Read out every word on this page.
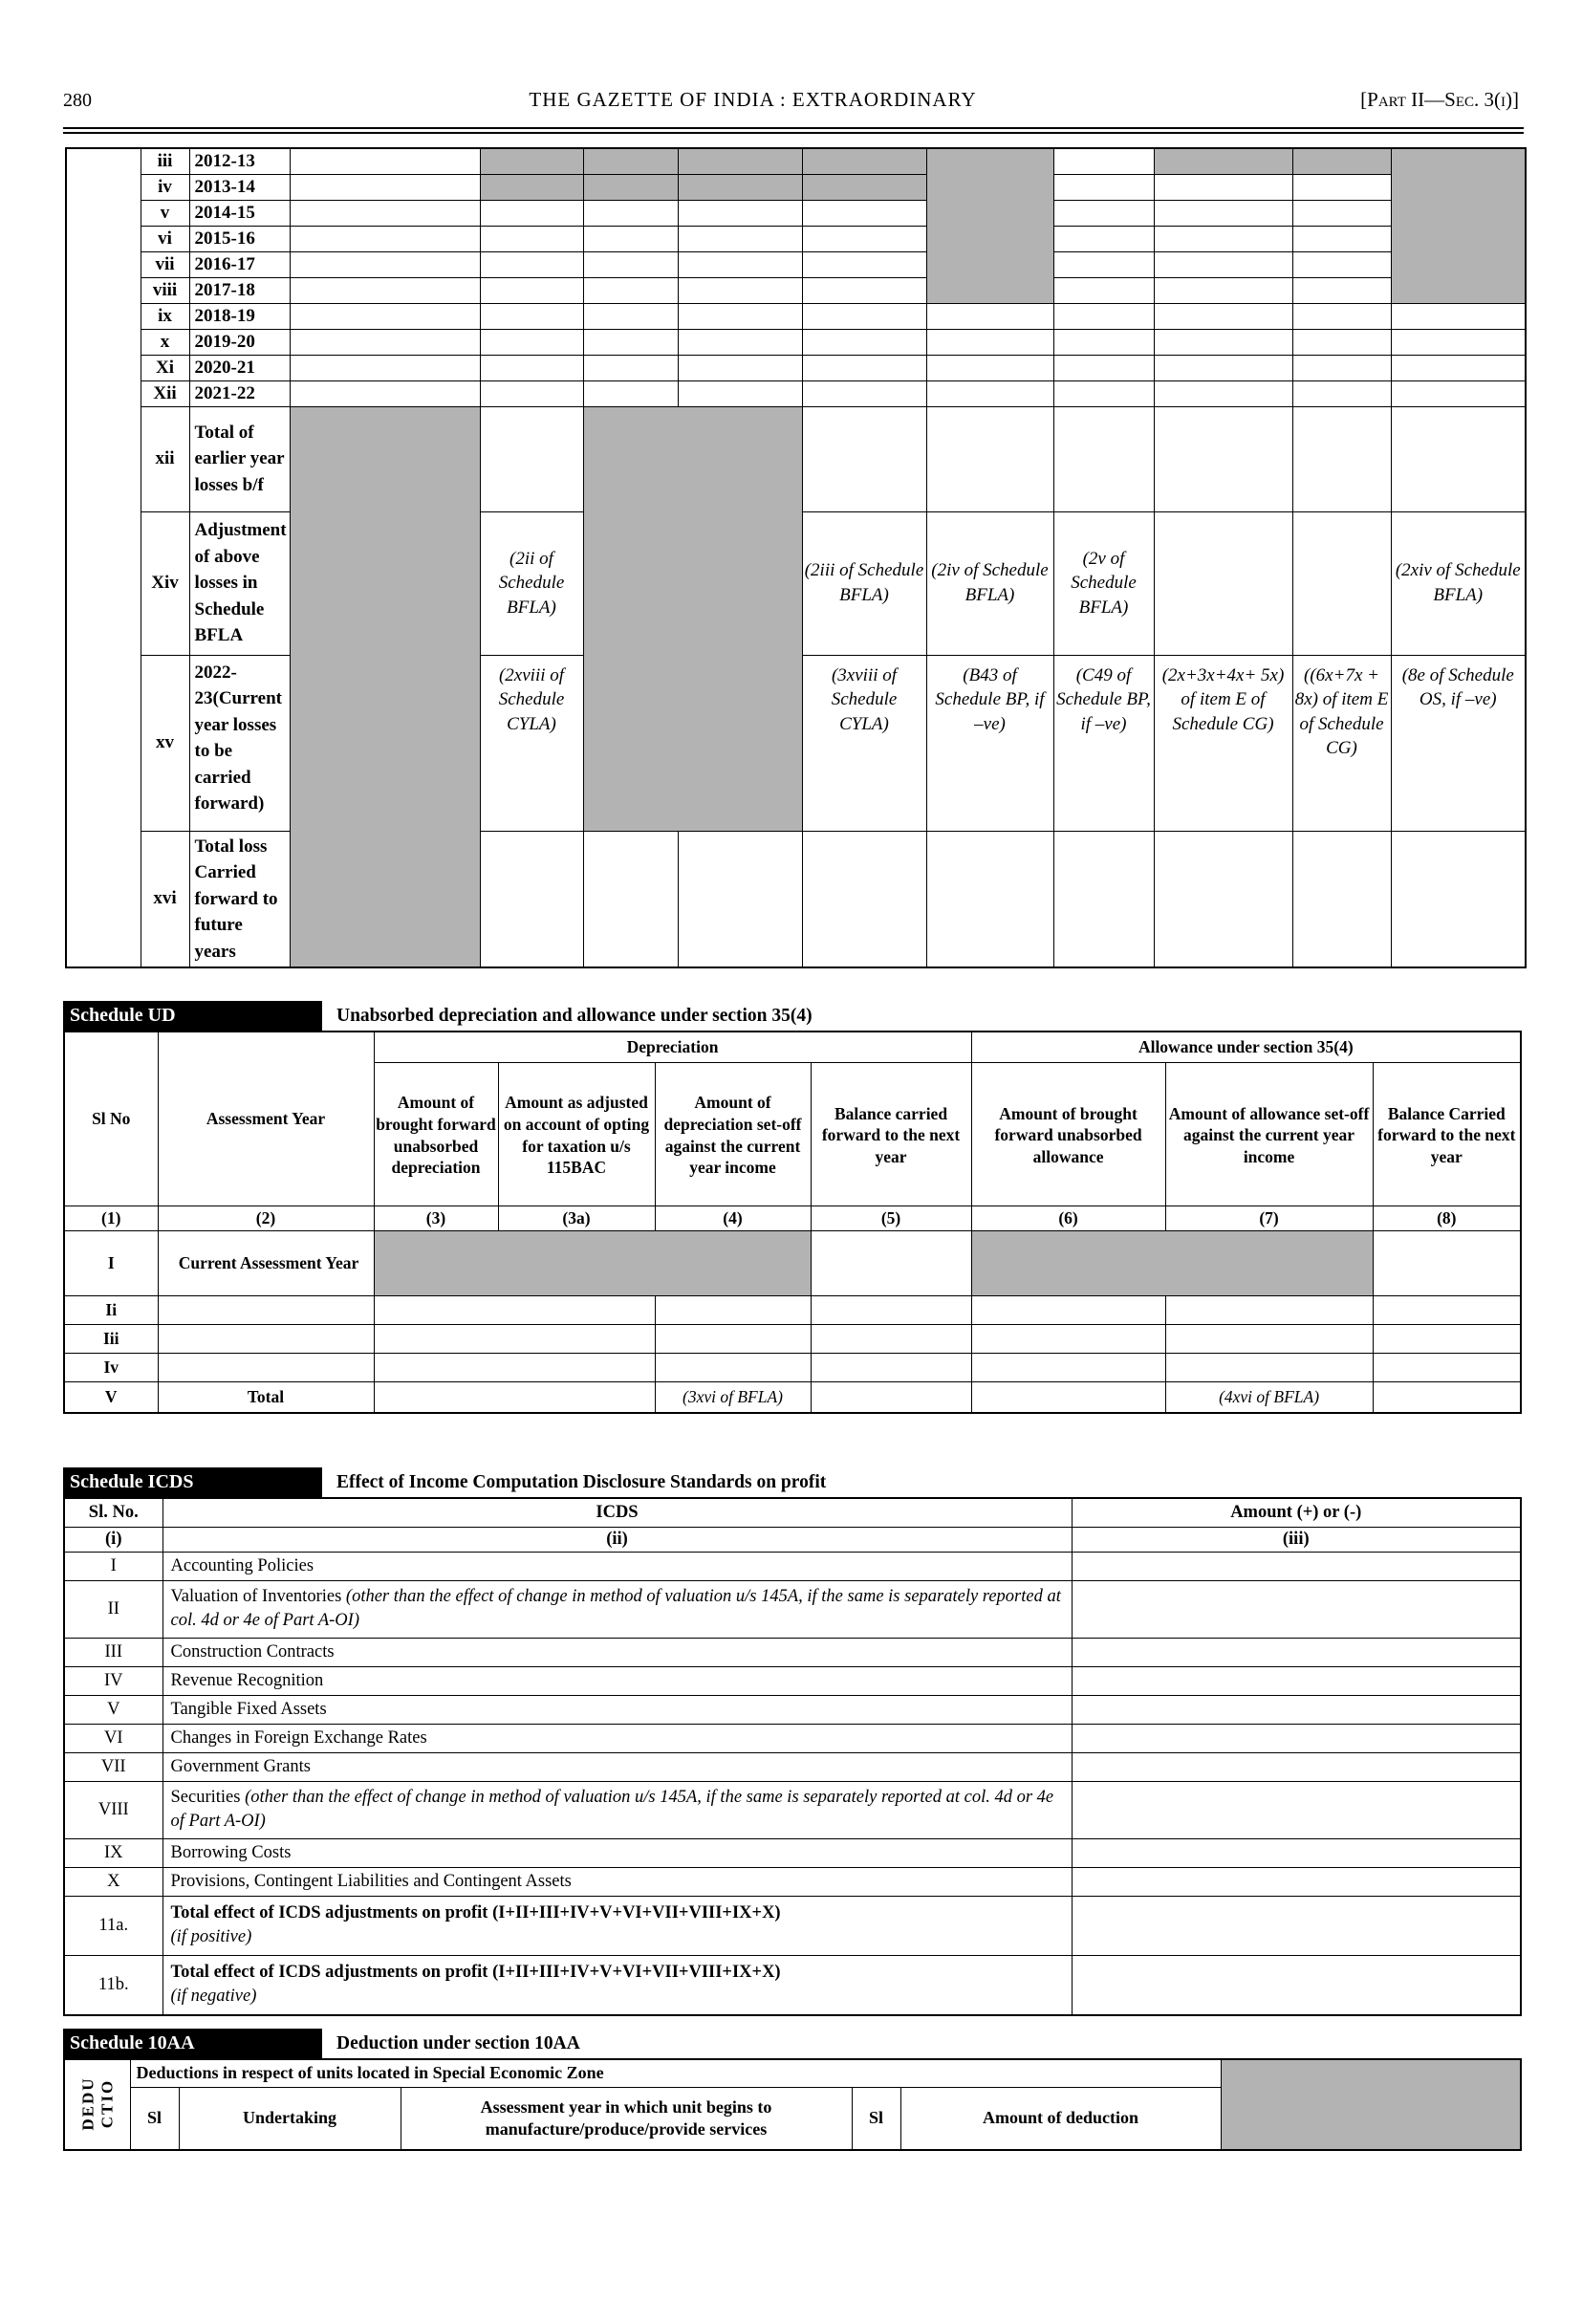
280	THE GAZETTE OF INDIA : EXTRAORDINARY	[Part II—Sec. 3(i)]
	iii	2012-13										
	iv	2013-14										
	v	2014-15										
	vi	2015-16										
	vii	2016-17										
	viii	2017-18										
	ix	2018-19										
	x	2019-20										
	Xi	2020-21										
	Xii	2021-22										
	xii	Total of earlier year losses b/f										
	Xiv	Adjustment of above losses in Schedule BFLA		(2ii of Schedule BFLA)			(2iii of Schedule BFLA)	(2iv of Schedule BFLA)	(2v of Schedule BFLA)			(2xiv of Schedule BFLA)
	xv	2022-23(Current year losses to be carried forward)		(2xviii of Schedule CYLA)			(3xviii of Schedule CYLA)	(B43 of Schedule BP, if –ve)	(C49 of Schedule BP, if –ve)	(2x+3x+4x+ 5x) of item E of Schedule CG)	((6x+7x + 8x) of item E of Schedule CG)	(8e of Schedule OS, if –ve)
	xvi	Total loss Carried forward to future years										
Schedule UD	Unabsorbed depreciation and allowance under section 35(4)
Sl No	Assessment Year	Depreciation				Allowance under section 35(4)		
		Amount of brought forward unabsorbed depreciation	Amount as adjusted on account of opting for taxation u/s 115BAC	Amount of depreciation set-off against the current year income	Balance carried forward to the next year	Amount of brought forward unabsorbed allowance	Amount of allowance set-off against the current year income	Balance Carried forward to the next year
(1)	(2)	(3)	(3a)	(4)	(5)	(6)	(7)	(8)
I	Current Assessment Year							
Ii								
Iii								
Iv								
V	Total			(3xvi of BFLA)			(4xvi of BFLA)	
Schedule ICDS	Effect of Income Computation Disclosure Standards on profit
Sl. No.	ICDS	Amount (+) or (-)
(i)	(ii)	(iii)
I	Accounting Policies	
II	Valuation of Inventories (other than the effect of change in method of valuation u/s 145A, if the same is separately reported at col. 4d or 4e of Part A-OI)	
III	Construction Contracts	
IV	Revenue Recognition	
V	Tangible Fixed Assets	
VI	Changes in Foreign Exchange Rates	
VII	Government Grants	
VIII	Securities (other than the effect of change in method of valuation u/s 145A, if the same is separately reported at col. 4d or 4e of Part A-OI)	
IX	Borrowing Costs	
X	Provisions, Contingent Liabilities and Contingent Assets	
11a.	Total effect of ICDS adjustments on profit (I+II+III+IV+V+VI+VII+VIII+IX+X)
(if positive)	
11b.	Total effect of ICDS adjustments on profit (I+II+III+IV+V+VI+VII+VIII+IX+X)
(if negative)	
Schedule 10AA	Deduction under section 10AA
DEDU
CTIO	Deductions in respect of units located in Special Economic Zone					
	Sl	Undertaking	Assessment year in which unit begins to manufacture/produce/provide services	Sl	Amount of deduction	
